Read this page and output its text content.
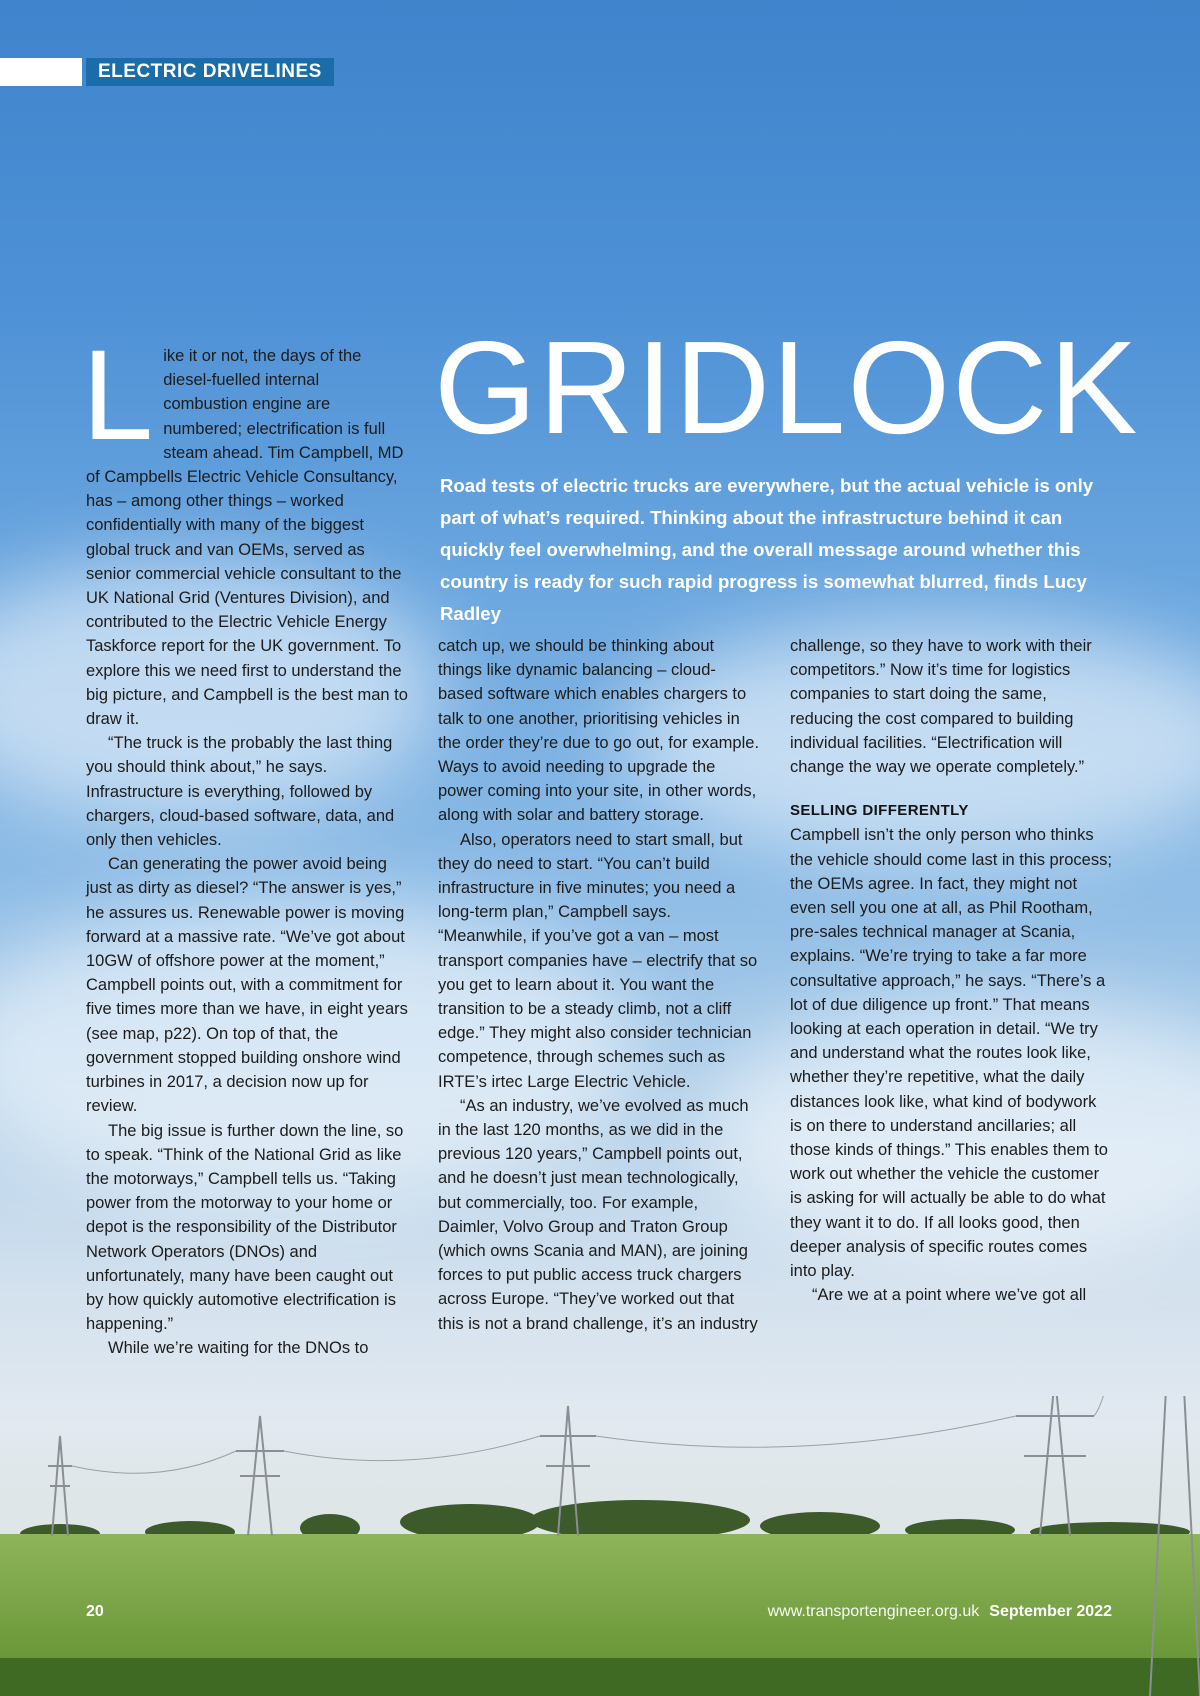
ELECTRIC DRIVELINES
GRIDLOCK

Road tests of electric trucks are everywhere, but the actual vehicle is only part of what’s required. Thinking about the infrastructure behind it can quickly feel overwhelming, and the overall message around whether this country is ready for such rapid progress is somewhat blurred, finds Lucy Radley

Like it or not, the days of the diesel-fuelled internal combustion engine are numbered; electrification is full steam ahead. Tim Campbell, MD of Campbells Electric Vehicle Consultancy, has – among other things – worked confidentially with many of the biggest global truck and van OEMs, served as senior commercial vehicle consultant to the UK National Grid (Ventures Division), and contributed to the Electric Vehicle Energy Taskforce report for the UK government. To explore this we need first to understand the big picture, and Campbell is the best man to draw it.

“The truck is the probably the last thing you should think about,” he says. Infrastructure is everything, followed by chargers, cloud-based software, data, and only then vehicles.

Can generating the power avoid being just as dirty as diesel? “The answer is yes,” he assures us. Renewable power is moving forward at a massive rate. “We’ve got about 10GW of offshore power at the moment,” Campbell points out, with a commitment for five times more than we have, in eight years (see map, p22). On top of that, the government stopped building onshore wind turbines in 2017, a decision now up for review.

The big issue is further down the line, so to speak. “Think of the National Grid as like the motorways,” Campbell tells us. “Taking power from the motorway to your home or depot is the responsibility of the Distributor Network Operators (DNOs) and unfortunately, many have been caught out by how quickly automotive electrification is happening.”

While we’re waiting for the DNOs to

catch up, we should be thinking about things like dynamic balancing – cloud-based software which enables chargers to talk to one another, prioritising vehicles in the order they’re due to go out, for example. Ways to avoid needing to upgrade the power coming into your site, in other words, along with solar and battery storage.

Also, operators need to start small, but they do need to start. “You can’t build infrastructure in five minutes; you need a long-term plan,” Campbell says. “Meanwhile, if you’ve got a van – most transport companies have – electrify that so you get to learn about it. You want the transition to be a steady climb, not a cliff edge.” They might also consider technician competence, through schemes such as IRTE’s irtec Large Electric Vehicle.

“As an industry, we’ve evolved as much in the last 120 months, as we did in the previous 120 years,” Campbell points out, and he doesn’t just mean technologically, but commercially, too. For example, Daimler, Volvo Group and Traton Group (which owns Scania and MAN), are joining forces to put public access truck chargers across Europe. “They’ve worked out that this is not a brand challenge, it’s an industry

challenge, so they have to work with their competitors.” Now it’s time for logistics companies to start doing the same, reducing the cost compared to building individual facilities. “Electrification will change the way we operate completely.”

SELLING DIFFERENTLY

Campbell isn’t the only person who thinks the vehicle should come last in this process; the OEMs agree. In fact, they might not even sell you one at all, as Phil Rootham, pre-sales technical manager at Scania, explains. “We’re trying to take a far more consultative approach,” he says. “There’s a lot of due diligence up front.” That means looking at each operation in detail. “We try and understand what the routes look like, whether they’re repetitive, what the daily distances look like, what kind of bodywork is on there to understand ancillaries; all those kinds of things.” This enables them to work out whether the vehicle the customer is asking for will actually be able to do what they want it to do. If all looks good, then deeper analysis of specific routes comes into play.

“Are we at a point where we’ve got all

20	www.transportengineer.org.uk September 2022
